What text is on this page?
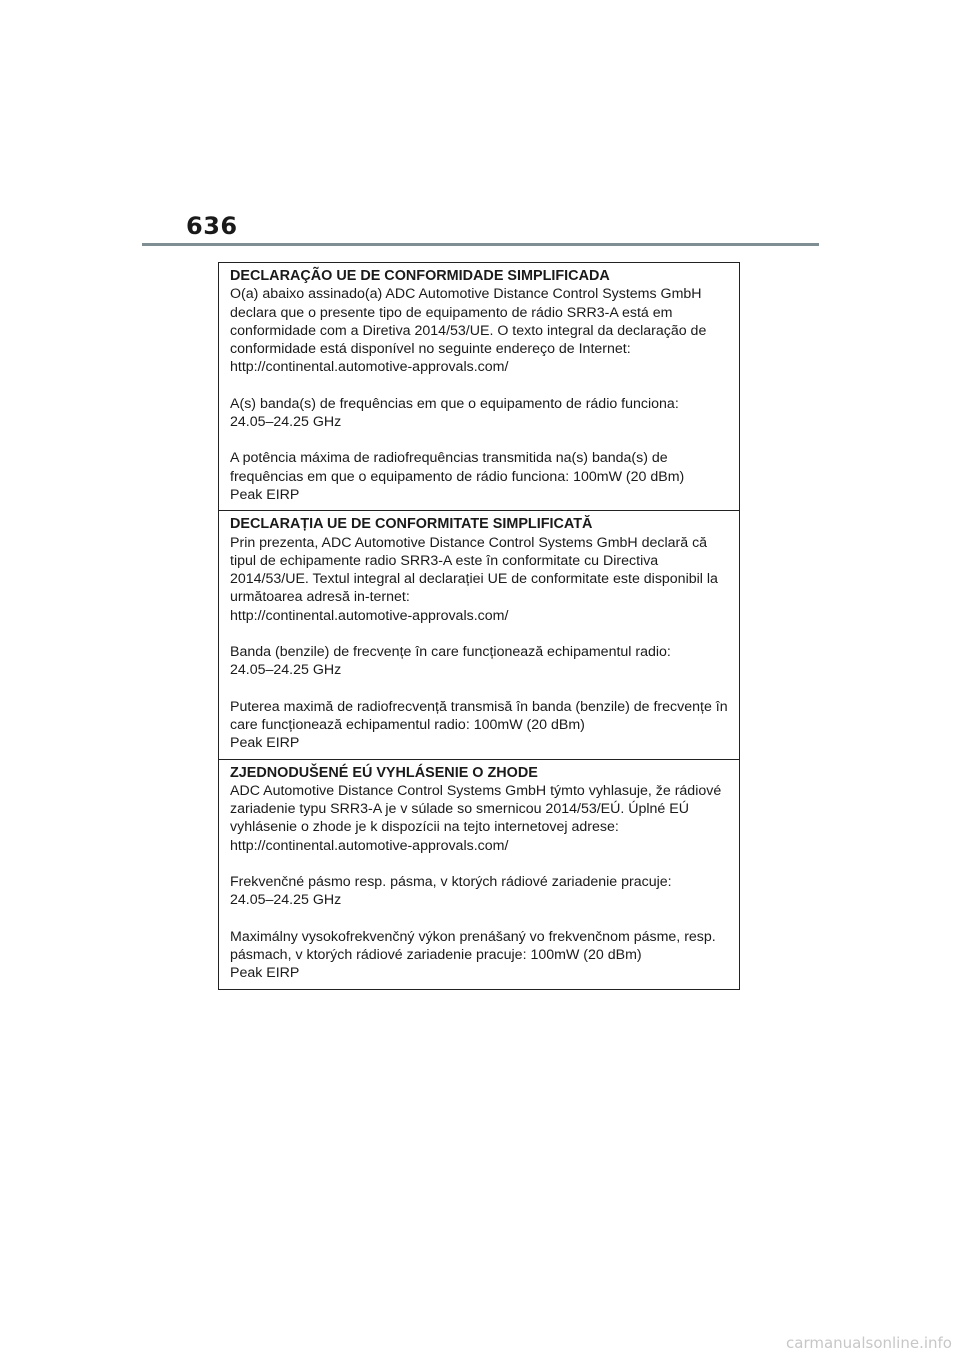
636

DECLARAÇÃO UE DE CONFORMIDADE SIMPLIFICADA

O(a) abaixo assinado(a) ADC Automotive Distance Control Systems GmbH declara que o presente tipo de equipamento de rádio SRR3-A está em conformidade com a Diretiva 2014/53/UE. O texto integral da declaração de conformidade está disponível no seguinte endereço de Internet:

http://continental.automotive-approvals.com/

A(s) banda(s) de frequências em que o equipamento de rádio funciona:

24.05–24.25 GHz

A potência máxima de radiofrequências transmitida na(s) banda(s) de frequências em que o equipamento de rádio funciona: 100mW (20 dBm)

Peak EIRP

DECLARAȚIA UE DE CONFORMITATE SIMPLIFICATĂ

Prin prezenta, ADC Automotive Distance Control Systems GmbH declară că tipul de echipamente radio SRR3-A este în conformitate cu Directiva 2014/53/UE. Textul integral al declarației UE de conformitate este disponibil la următoarea adresă in-ternet:

http://continental.automotive-approvals.com/

Banda (benzile) de frecvențe în care funcționează echipamentul radio:

24.05–24.25 GHz

Puterea maximă de radiofrecvență transmisă în banda (benzile) de frecvențe în care funcționează echipamentul radio: 100mW (20 dBm)

Peak EIRP

ZJEDNODUŠENÉ EÚ VYHLÁSENIE O ZHODE

ADC Automotive Distance Control Systems GmbH týmto vyhlasuje, že rádiové zariadenie typu SRR3-A je v súlade so smernicou 2014/53/EÚ. Úplné EÚ vyhlásenie o zhode je k dispozícii na tejto internetovej adrese:

http://continental.automotive-approvals.com/

Frekvenčné pásmo resp. pásma, v ktorých rádiové zariadenie pracuje:

24.05–24.25 GHz

Maximálny vysokofrekvenčný výkon prenášaný vo frekvenčnom pásme, resp. pásmach, v ktorých rádiové zariadenie pracuje: 100mW (20 dBm)

Peak EIRP

carmanualsonline.info
